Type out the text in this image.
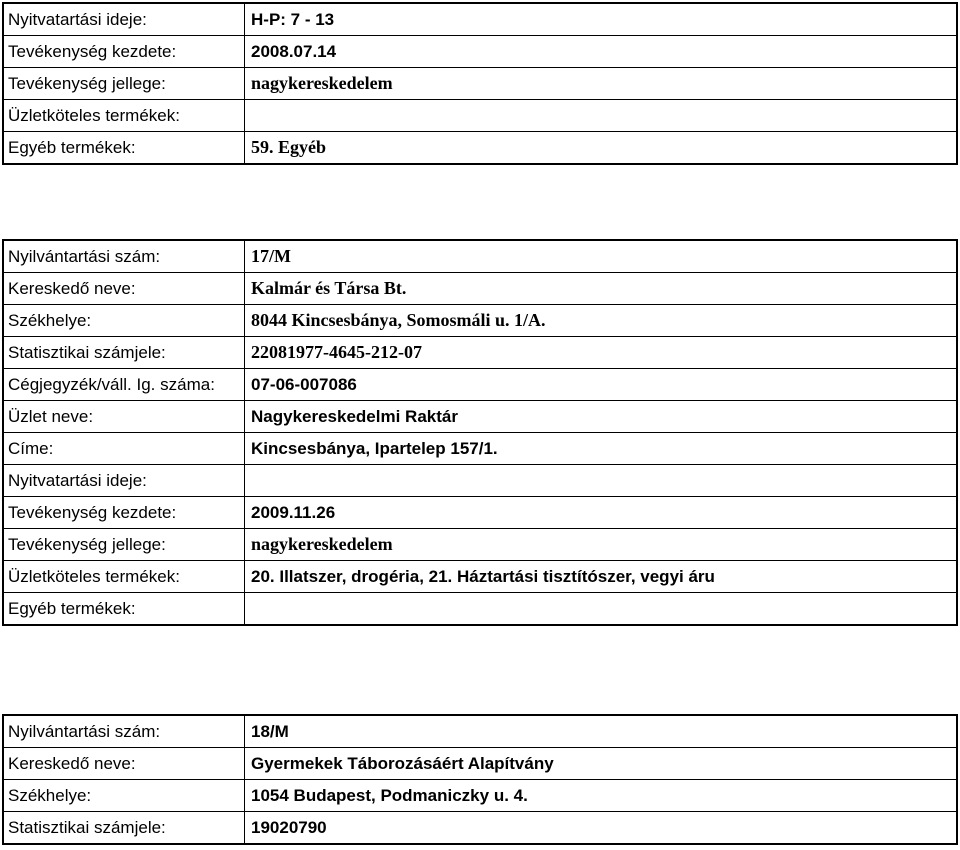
Nyitvatartási ideje:	H-P: 7 - 13
Tevékenység kezdete:	2008.07.14
Tevékenység jellege:	nagykereskedelem
Üzletköteles termékek:	
Egyéb termékek:	59. Egyéb
Nyilvántartási szám:	17/M
Kereskedő neve:	Kalmár és Társa Bt.
Székhelye:	8044 Kincsesbánya, Somosmáli u. 1/A.
Statisztikai számjele:	22081977-4645-212-07
Cégjegyzék/váll. Ig. száma:	07-06-007086
Üzlet neve:	Nagykereskedelmi Raktár
Címe:	Kincsesbánya, Ipartelep 157/1.
Nyitvatartási ideje:	
Tevékenység kezdete:	2009.11.26
Tevékenység jellege:	nagykereskedelem
Üzletköteles termékek:	20. Illatszer, drogéria, 21. Háztartási tisztítószer, vegyi áru
Egyéb termékek:	
Nyilvántartási szám:	18/M
Kereskedő neve:	Gyermekek Táborozásáért Alapítvány
Székhelye:	1054 Budapest, Podmaniczky u. 4.
Statisztikai számjele:	19020790
